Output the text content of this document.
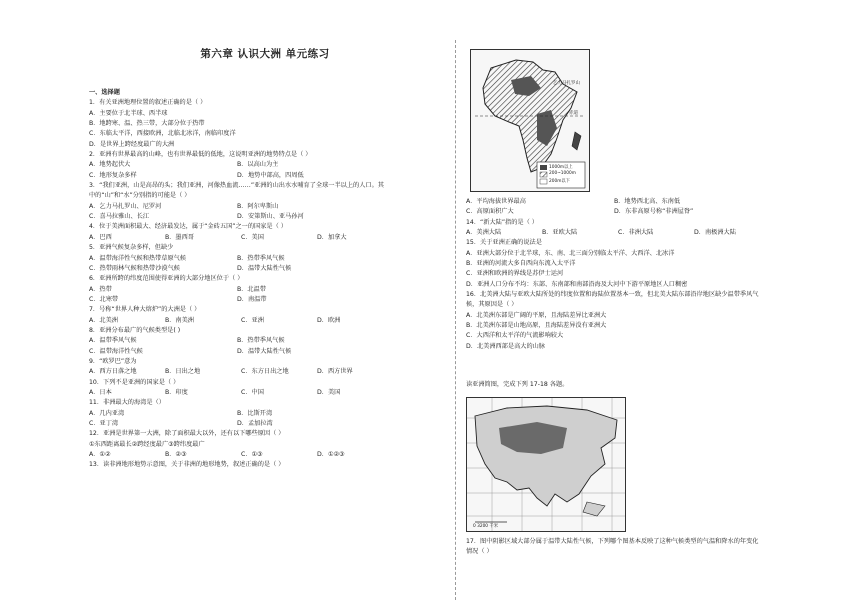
第六章 认识大洲 单元练习
一、选择题
1．有关亚洲地理位置的叙述正确的是（ ）
A．主要位于北半球、西半球
B．地跨寒、温、热三带，大部分位于热带
C．东临太平洋，西接欧洲，北临北冰洋，南临印度洋
D．是世界上跨经度最广的大洲
2．亚洲有世界最高的山峰，也有世界最低的低地，这说明亚洲的地势特点是（ ）
A．地势起伏大	B．以高山为主
C．地形复杂多样	D．地势中部高，四周低
3．“我们亚洲，山是高昂的头；我们亚洲，河像热血流……”亚洲的山出水水哺育了全球一半以上的人口。其
中的“山”和“水”分别指的可能是（ ）
A．乞力马扎罗山、尼罗河	B．阿尔卑斯山
C．喜马拉雅山、长江	D．安第斯山、亚马孙河
4．位于美洲面积最大、经济最发达，属于“金砖五国”之一的国家是（ ）
A．巴西	B．墨西哥	C．美国	D．加拿大
5．亚洲气候复杂多样，但缺少
A．温带海洋性气候和热带草原气候	B．热带季风气候
C．热带雨林气候和热带沙漠气候	D．温带大陆性气候
6．亚洲所跨的纬度范围使得亚洲的大部分地区位于（ ）
A．热带	B．北温带
C．北寒带	D．南温带
7．号称“世界人种大熔炉”的大洲是（ ）
A．北美洲	B．南美洲	C．亚洲	D．欧洲
8．亚洲分布最广的气候类型是( )
A．温带季风气候	B．热带季风气候
C．温带海洋性气候	D．温带大陆性气候
9．“欧罗巴”意为
A．西方日落之地	B．日出之地	C．东方日出之地	D．西方世界
10．下列不是亚洲的国家是（ ）
A．日本	B．印度	C．中国	D．美国
11．非洲最大的海湾是（）
A．几内亚湾	B．比斯开湾
C．亚丁湾	D．孟加拉湾
12．亚洲是世界第一大洲，除了面积最大以外，还有以下哪些原因（ ）
①东西距离最长②跨经度最广③跨纬度最广
A．①②	B．②③	C．①③	D．①②③
13．读非洲地形地势示意图，关于非洲的地形地势，叙述正确的是（ ）
乞力马扎罗山
赤道
1000m以上
200~1000m
200m以下
A．平均海拔世界最高	B．地势西北高、东南低
C．高原面积广大	D．东非高原号称“非洲屋脊”
14．“新大陆”指的是（ ）
A．美洲大陆	B．亚欧大陆	C．非洲大陆	D．南极洲大陆
15．关于亚洲正确的说法是
A．亚洲大部分位于北半球，东、南、北三面分别临太平洋、大西洋、北冰洋
B．亚洲的河流大多自西向东流入太平洋
C．亚洲和欧洲的界线是苏伊士运河
D．亚洲人口分布不均：东部、东南部和南部沿海及大河中下游平原地区人口稠密
16．北美洲大陆与亚欧大陆所处的纬度位置和海陆位置基本一致，但北美大陆东部沿岸地区缺少温带季风气
候，其原因是（ ）
A．北美洲东部是广阔的平原，且海陆差异比亚洲大
B．北美洲东部是山地高原，且海陆差异没有亚洲大
C．大西洋和太平洋的气流影响较大
D．北美洲西部是高大的山脉
读亚洲简图，完成下列 17-18 各题。
0 3200 千米
17．图中阴影区域大部分属于温带大陆性气候，下列哪个图基本反映了这种气候类型的气温和降水的年变化
情况（ ）
